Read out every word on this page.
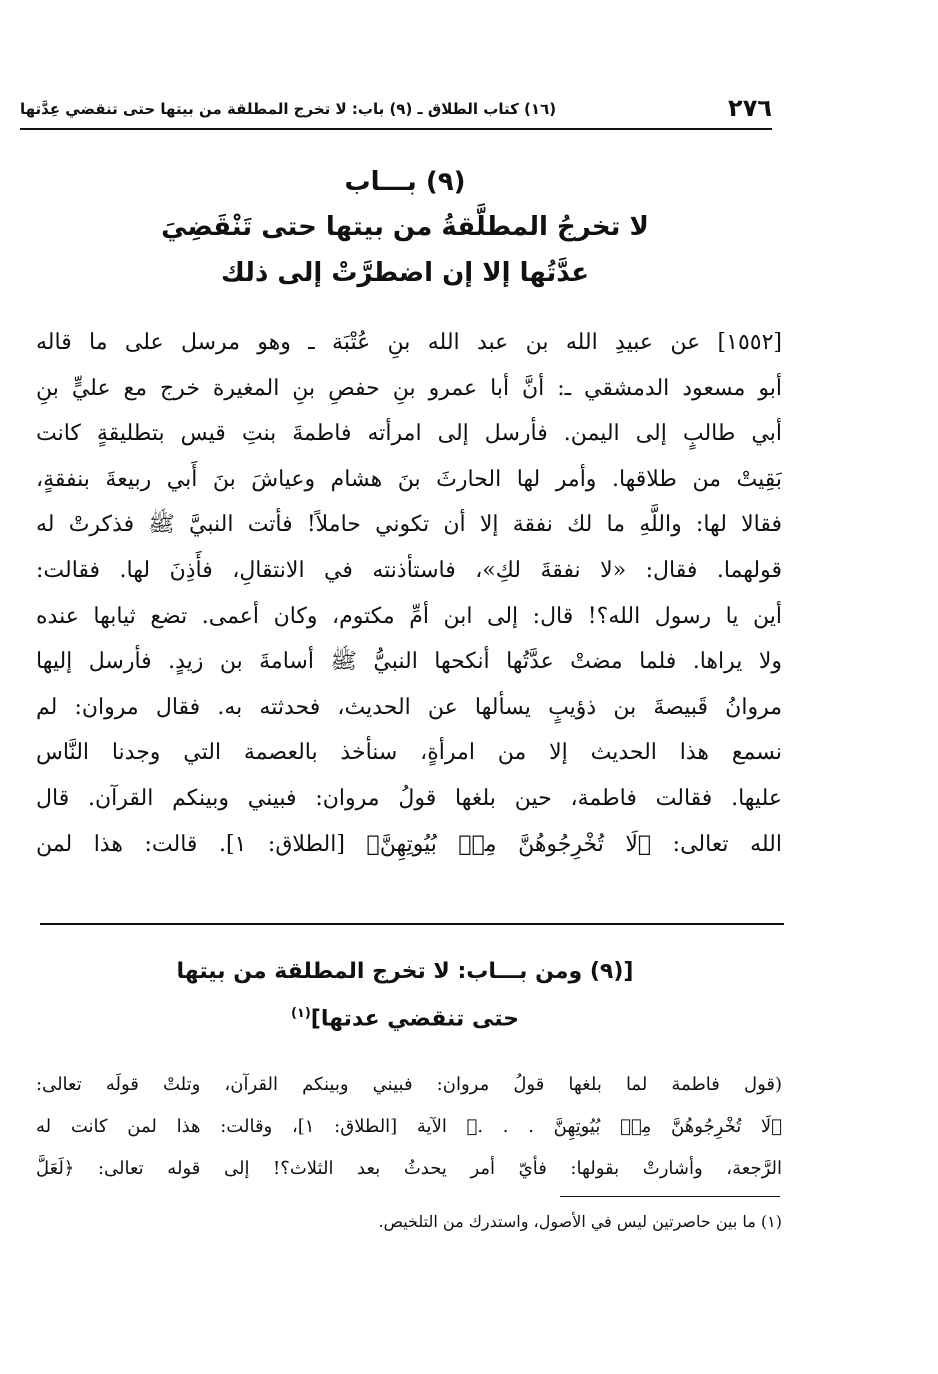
٢٧٦
(١٦) كتاب الطلاق ـ (٩) باب: لا تخرج المطلقة من بيتها حتى تنقضي عِدَّتها
(٩) بـــاب
لا تخرجُ المطلَّقةُ من بيتها حتى تَنْقَضِيَ
عدَّتُها إلا إن اضطرَّتْ إلى ذلك
[١٥٥٢] عن عبيدِ الله بن عبد الله بنِ عُتْبَة ـ وهو مرسل على ما قاله
أبو مسعود الدمشقي ـ: أنَّ أبا عمرو بنِ حفصِ بنِ المغيرة خرج مع عليٍّ بنِ
أبي طالبٍ إلى اليمن. فأرسل إلى امرأته فاطمةَ بنتِ قيس بتطليقةٍ كانت
بَقِيتْ من طلاقها. وأمر لها الحارثَ بنَ هشام وعياشَ بنَ أَبي ربيعةَ بنفقةٍ،
فقالا لها: واللَّهِ ما لك نفقة إلا أن تكوني حاملاً! فأتت النبيَّ ﷺ فذكرتْ له
قولهما. فقال: «لا نفقةَ لكِ»، فاستأذنته في الانتقالِ، فأَذِنَ لها. فقالت:
أين يا رسول الله؟! قال: إلى ابن أمِّ مكتوم، وكان أعمى. تضع ثيابها عنده
ولا يراها. فلما مضتْ عدَّتُها أنكحها النبيُّ ﷺ أسامةَ بن زيدٍ. فأرسل إليها
مروانُ قَبيصةَ بن ذؤيبٍ يسألها عن الحديث، فحدثته به. فقال مروان: لم
نسمع هذا الحديث إلا من امرأةٍ، سنأخذ بالعصمة التي وجدنا النَّاس
عليها. فقالت فاطمة، حين بلغها قولُ مروان: فبيني وبينكم القرآن. قال
الله تعالى: ﴿لَا تُخْرِجُوهُنَّ مِنۢ بُيُوتِهِنَّ﴾ [الطلاق: ١]. قالت: هذا لمن
[(٩) ومن بـــاب: لا تخرج المطلقة من بيتها
حتى تنقضي عدتها]$^{(١)}$
(قول فاطمة لما بلغها قولُ مروان: فبيني وبينكم القرآن، وتلتْ قولَه تعالى:
﴿لَا تُخْرِجُوهُنَّ مِنۢ بُيُوتِهِنَّ . . .﴾ الآية [الطلاق: ١]، وقالت: هذا لمن كانت له
الرَّجعة، وأشارتْ بقولها: فأيّ أمر يحدثُ بعد الثلاث؟! إلى قوله تعالى: ﴿لَعَلَّ
(١) ما بين حاصرتين ليس في الأصول، واستدرك من التلخيص.
